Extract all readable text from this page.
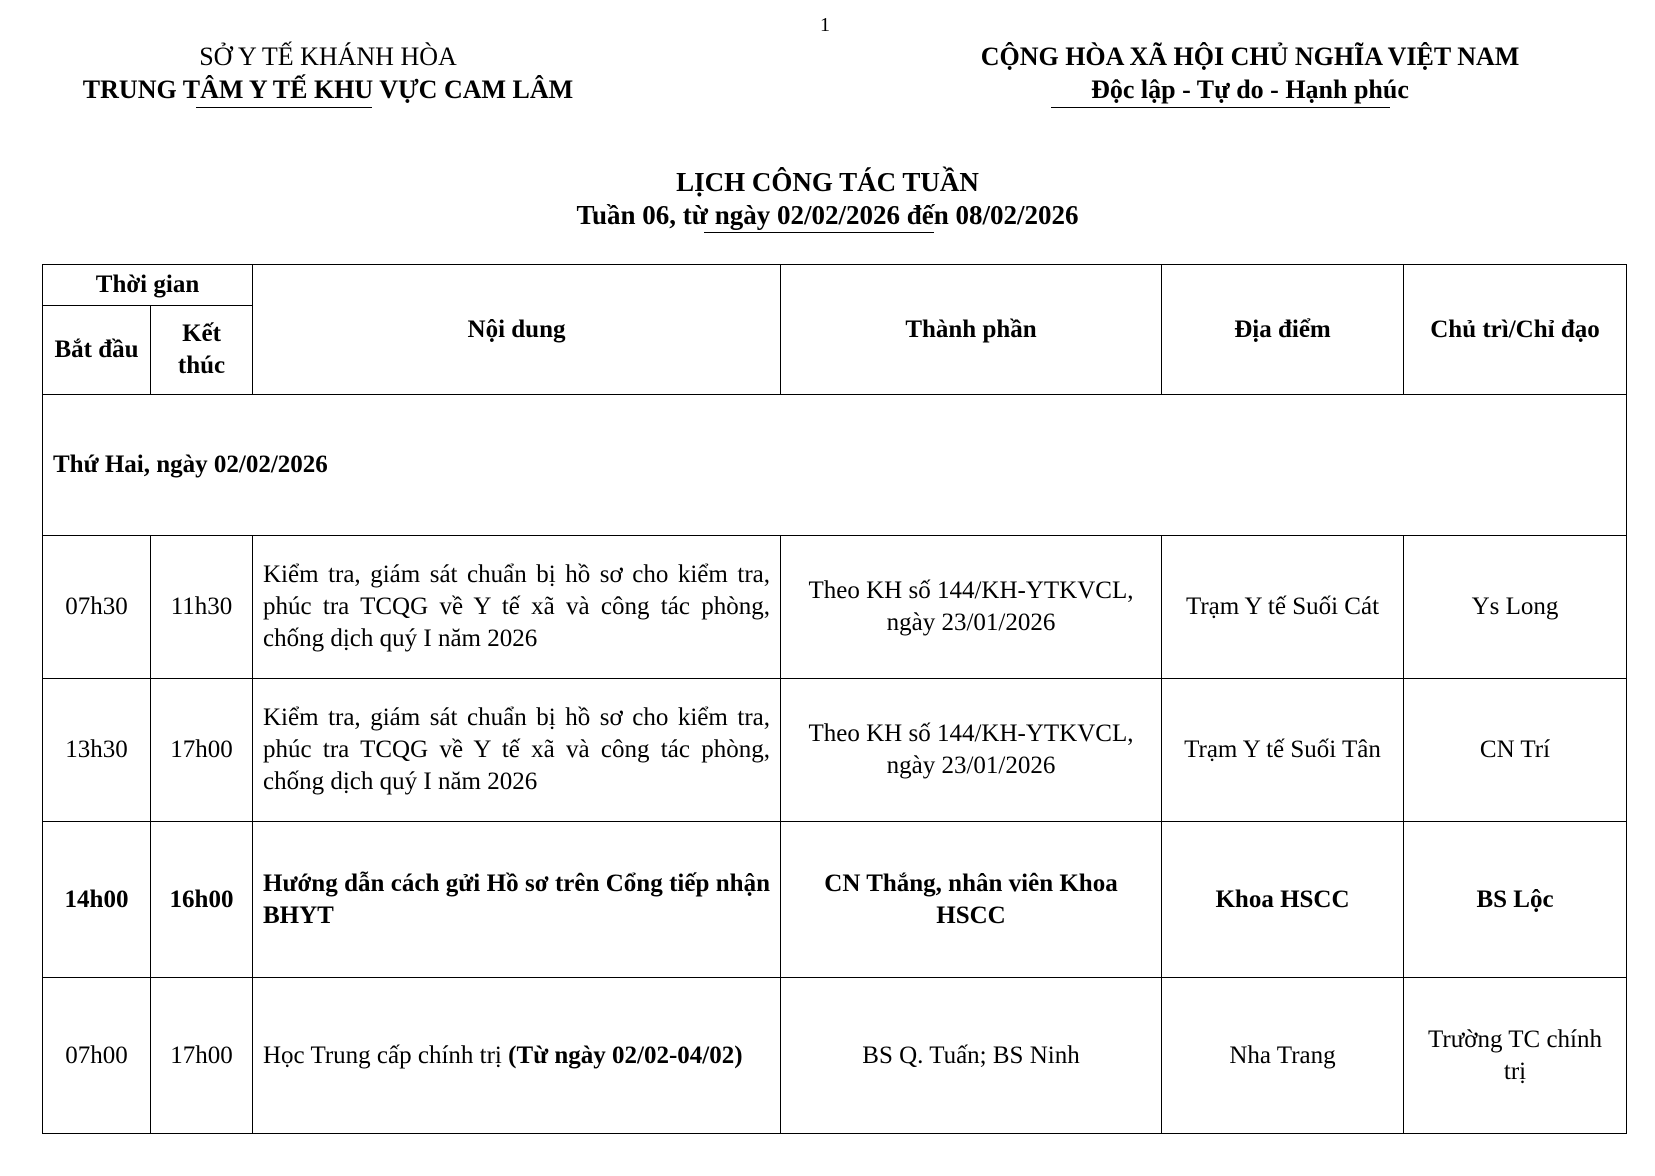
1
SỞ Y TẾ KHÁNH HÒA
TRUNG TÂM Y TẾ KHU VỰC CAM LÂM
CỘNG HÒA XÃ HỘI CHỦ NGHĨA VIỆT NAM
Độc lập - Tự do - Hạnh phúc
LỊCH CÔNG TÁC TUẦN
Tuần 06, từ ngày 02/02/2026 đến 08/02/2026
Thời gian		Nội dung	Thành phần	Địa điểm	Chủ trì/Chỉ đạo
Bắt đầu	Kết thúc				
Thứ Hai, ngày 02/02/2026					
07h30	11h30	Kiểm tra, giám sát chuẩn bị hồ sơ cho kiểm tra, phúc tra TCQG về Y tế xã và công tác phòng, chống dịch quý I năm 2026	Theo KH số 144/KH-YTKVCL, ngày 23/01/2026	Trạm Y tế Suối Cát	Ys Long
13h30	17h00	Kiểm tra, giám sát chuẩn bị hồ sơ cho kiểm tra, phúc tra TCQG về Y tế xã và công tác phòng, chống dịch quý I năm 2026	Theo KH số 144/KH-YTKVCL, ngày 23/01/2026	Trạm Y tế Suối Tân	CN Trí
14h00	16h00	Hướng dẫn cách gửi Hồ sơ trên Cổng tiếp nhận BHYT	CN Thắng, nhân viên Khoa HSCC	Khoa HSCC	BS Lộc
07h00	17h00	Học Trung cấp chính trị (Từ ngày 02/02-04/02)	BS Q. Tuấn; BS Ninh	Nha Trang	Trường TC chính trị
